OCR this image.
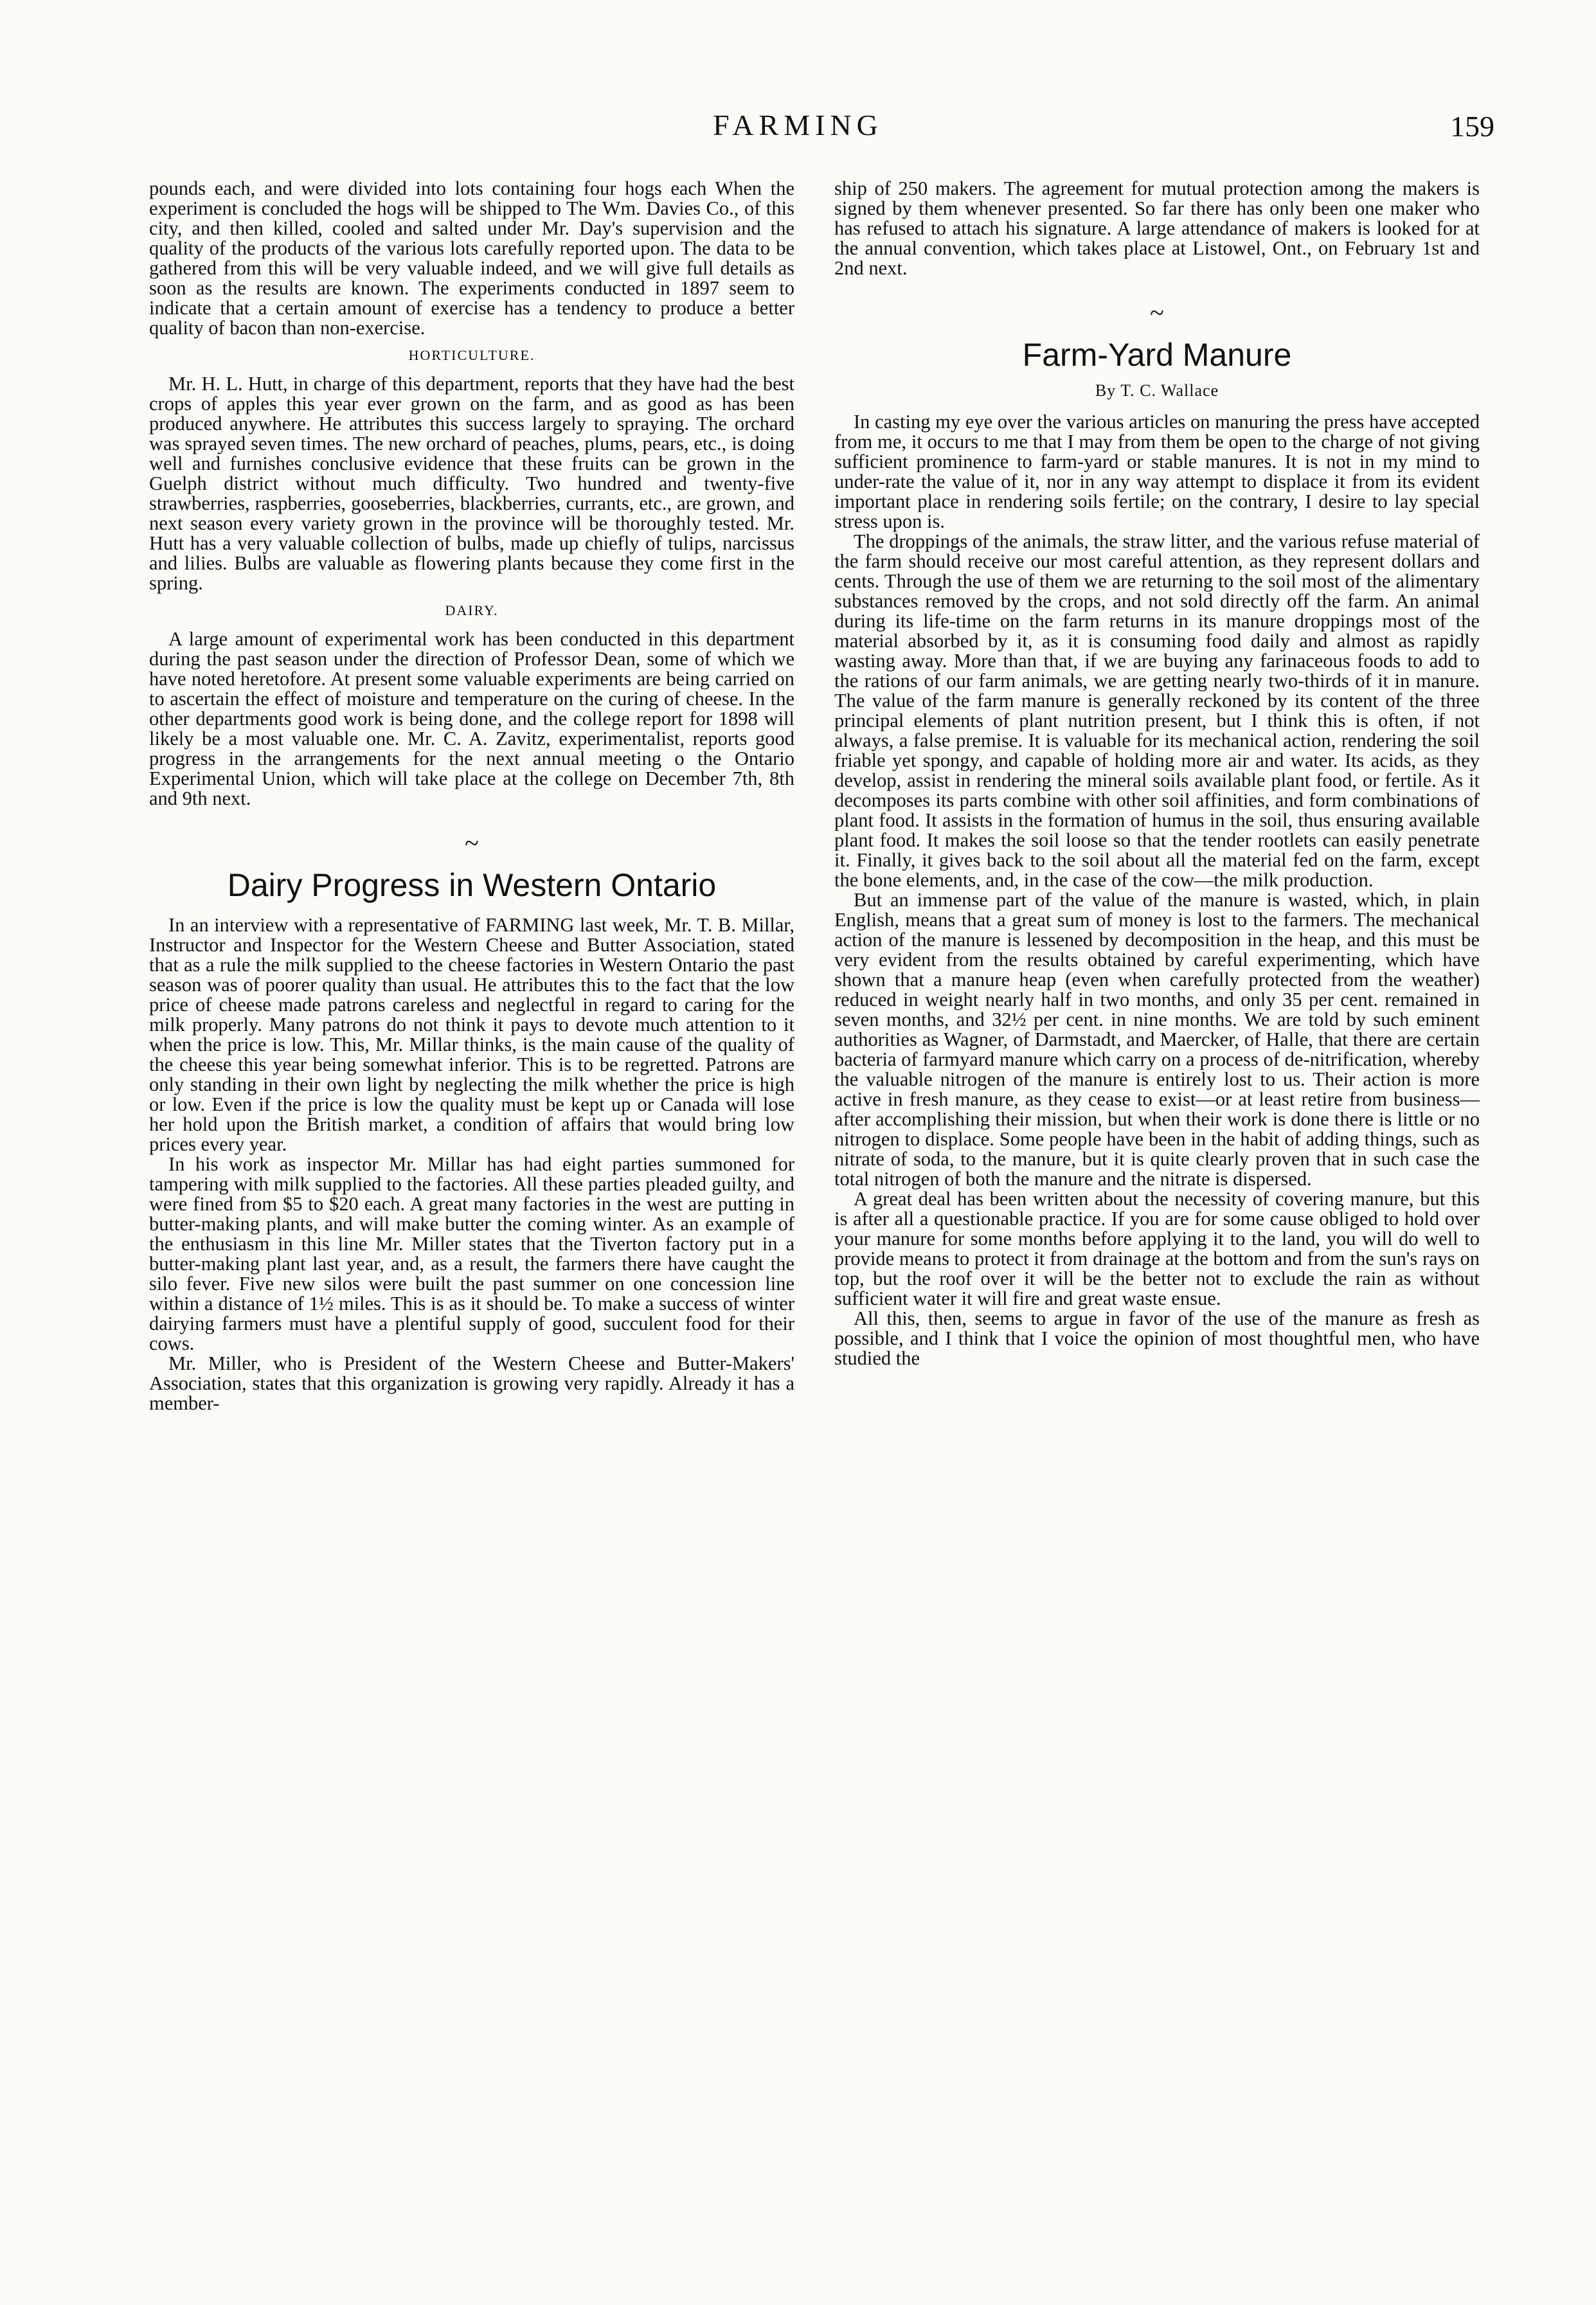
FARMING	159

pounds each, and were divided into lots containing four hogs each When the experiment is concluded the hogs will be shipped to The Wm. Davies Co., of this city, and then killed, cooled and salted under Mr. Day's supervision and the quality of the products of the various lots carefully reported upon. The data to be gathered from this will be very valuable indeed, and we will give full details as soon as the results are known. The experiments conducted in 1897 seem to indicate that a certain amount of exercise has a tendency to produce a better quality of bacon than non-exercise.

HORTICULTURE.

Mr. H. L. Hutt, in charge of this department, reports that they have had the best crops of apples this year ever grown on the farm, and as good as has been produced anywhere. He attributes this success largely to spraying. The orchard was sprayed seven times. The new orchard of peaches, plums, pears, etc., is doing well and furnishes conclusive evidence that these fruits can be grown in the Guelph district without much difficulty. Two hundred and twenty-five strawberries, raspberries, gooseberries, blackberries, currants, etc., are grown, and next season every variety grown in the province will be thoroughly tested. Mr. Hutt has a very valuable collection of bulbs, made up chiefly of tulips, narcissus and lilies. Bulbs are valuable as flowering plants because they come first in the spring.

DAIRY.

A large amount of experimental work has been conducted in this department during the past season under the direction of Professor Dean, some of which we have noted heretofore. At present some valuable experiments are being carried on to ascertain the effect of moisture and temperature on the curing of cheese. In the other departments good work is being done, and the college report for 1898 will likely be a most valuable one. Mr. C. A. Zavitz, experimentalist, reports good progress in the arrangements for the next annual meeting o the Ontario Experimental Union, which will take place at the college on December 7th, 8th and 9th next.

~
Dairy Progress in Western Ontario

In an interview with a representative of FARMING last week, Mr. T. B. Millar, Instructor and Inspector for the Western Cheese and Butter Association, stated that as a rule the milk supplied to the cheese factories in Western Ontario the past season was of poorer quality than usual. He attributes this to the fact that the low price of cheese made patrons careless and neglectful in regard to caring for the milk properly. Many patrons do not think it pays to devote much attention to it when the price is low. This, Mr. Millar thinks, is the main cause of the quality of the cheese this year being somewhat inferior. This is to be regretted. Patrons are only standing in their own light by neglecting the milk whether the price is high or low. Even if the price is low the quality must be kept up or Canada will lose her hold upon the British market, a condition of affairs that would bring low prices every year.

In his work as inspector Mr. Millar has had eight parties summoned for tampering with milk supplied to the factories. All these parties pleaded guilty, and were fined from $5 to $20 each. A great many factories in the west are putting in butter-making plants, and will make butter the coming winter. As an example of the enthusiasm in this line Mr. Miller states that the Tiverton factory put in a butter-making plant last year, and, as a result, the farmers there have caught the silo fever. Five new silos were built the past summer on one concession line within a distance of 1½ miles. This is as it should be. To make a success of winter dairying farmers must have a plentiful supply of good, succulent food for their cows.

Mr. Miller, who is President of the Western Cheese and Butter-Makers' Association, states that this organization is growing very rapidly. Already it has a member-

ship of 250 makers. The agreement for mutual protection among the makers is signed by them whenever presented. So far there has only been one maker who has refused to attach his signature. A large attendance of makers is looked for at the annual convention, which takes place at Listowel, Ont., on February 1st and 2nd next.

~
Farm-Yard Manure
By T. C. Wallace

In casting my eye over the various articles on manuring the press have accepted from me, it occurs to me that I may from them be open to the charge of not giving sufficient prominence to farm-yard or stable manures. It is not in my mind to under-rate the value of it, nor in any way attempt to displace it from its evident important place in rendering soils fertile; on the contrary, I desire to lay special stress upon is.

The droppings of the animals, the straw litter, and the various refuse material of the farm should receive our most careful attention, as they represent dollars and cents. Through the use of them we are returning to the soil most of the alimentary substances removed by the crops, and not sold directly off the farm. An animal during its life-time on the farm returns in its manure droppings most of the material absorbed by it, as it is consuming food daily and almost as rapidly wasting away. More than that, if we are buying any farinaceous foods to add to the rations of our farm animals, we are getting nearly two-thirds of it in manure. The value of the farm manure is generally reckoned by its content of the three principal elements of plant nutrition present, but I think this is often, if not always, a false premise. It is valuable for its mechanical action, rendering the soil friable yet spongy, and capable of holding more air and water. Its acids, as they develop, assist in rendering the mineral soils available plant food, or fertile. As it decomposes its parts combine with other soil affinities, and form combinations of plant food. It assists in the formation of humus in the soil, thus ensuring available plant food. It makes the soil loose so that the tender rootlets can easily penetrate it. Finally, it gives back to the soil about all the material fed on the farm, except the bone elements, and, in the case of the cow—the milk production.

But an immense part of the value of the manure is wasted, which, in plain English, means that a great sum of money is lost to the farmers. The mechanical action of the manure is lessened by decomposition in the heap, and this must be very evident from the results obtained by careful experimenting, which have shown that a manure heap (even when carefully protected from the weather) reduced in weight nearly half in two months, and only 35 per cent. remained in seven months, and 32½ per cent. in nine months. We are told by such eminent authorities as Wagner, of Darmstadt, and Maercker, of Halle, that there are certain bacteria of farmyard manure which carry on a process of de-nitrification, whereby the valuable nitrogen of the manure is entirely lost to us. Their action is more active in fresh manure, as they cease to exist—or at least retire from business—after accomplishing their mission, but when their work is done there is little or no nitrogen to displace. Some people have been in the habit of adding things, such as nitrate of soda, to the manure, but it is quite clearly proven that in such case the total nitrogen of both the manure and the nitrate is dispersed.

A great deal has been written about the necessity of covering manure, but this is after all a questionable practice. If you are for some cause obliged to hold over your manure for some months before applying it to the land, you will do well to provide means to protect it from drainage at the bottom and from the sun's rays on top, but the roof over it will be the better not to exclude the rain as without sufficient water it will fire and great waste ensue.

All this, then, seems to argue in favor of the use of the manure as fresh as possible, and I think that I voice the opinion of most thoughtful men, who have studied the
